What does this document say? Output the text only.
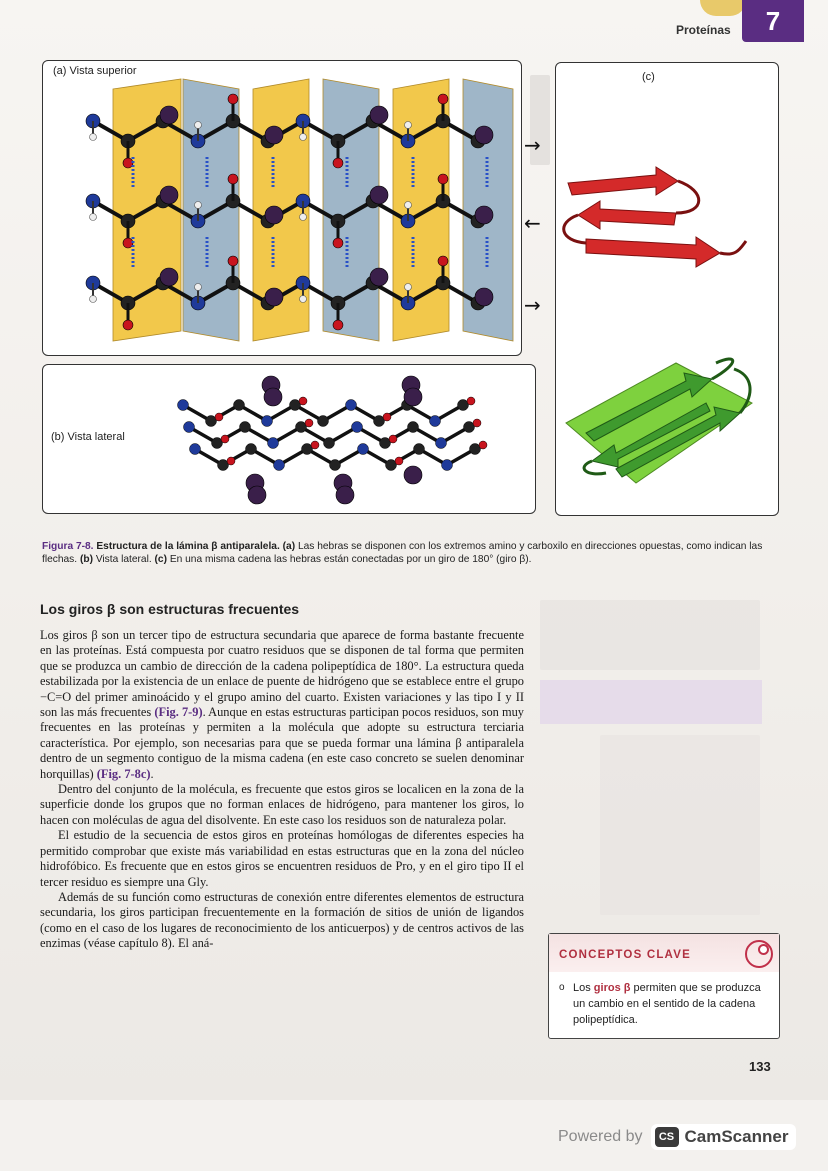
Proteínas	7
(a) Vista superior
→
←
→
(b) Vista lateral
(c)
Figura 7-8. Estructura de la lámina β antiparalela. (a) Las hebras se disponen con los extremos amino y carboxilo en direcciones opuestas, como indican las flechas. (b) Vista lateral. (c) En una misma cadena las hebras están conectadas por un giro de 180° (giro β).
Los giros β son estructuras frecuentes

Los giros β son un tercer tipo de estructura secundaria que aparece de forma bastante frecuente en las proteínas. Está compuesta por cuatro residuos que se disponen de tal forma que permiten que se produzca un cambio de dirección de la cadena polipeptídica de 180°. La estructura queda estabilizada por la existencia de un enlace de puente de hidrógeno que se establece entre el grupo −C=O del primer aminoácido y el grupo amino del cuarto. Existen variaciones y las tipo I y II son las más frecuentes (Fig. 7-9). Aunque en estas estructuras participan pocos residuos, son muy frecuentes en las proteínas y permiten a la molécula que adopte su estructura terciaria característica. Por ejemplo, son necesarias para que se pueda formar una lámina β antiparalela dentro de un segmento contiguo de la misma cadena (en este caso concreto se suelen denominar horquillas) (Fig. 7-8c).

Dentro del conjunto de la molécula, es frecuente que estos giros se localicen en la zona de la superficie donde los grupos que no forman enlaces de hidrógeno, para mantener los giros, lo hacen con moléculas de agua del disolvente. En este caso los residuos son de naturaleza polar.

El estudio de la secuencia de estos giros en proteínas homólogas de diferentes especies ha permitido comprobar que existe más variabilidad en estas estructuras que en la zona del núcleo hidrofóbico. Es frecuente que en estos giros se encuentren residuos de Pro, y en el giro tipo II el tercer residuo es siempre una Gly.

Además de su función como estructuras de conexión entre diferentes elementos de estructura secundaria, los giros participan frecuentemente en la formación de sitios de unión de ligandos (como en el caso de los lugares de reconocimiento de los anticuerpos) y de centros activos de las enzimas (véase capítulo 8). El aná-

CONCEPTOS CLAVE
o Los giros β permiten que se produzca un cambio en el sentido de la cadena polipeptídica.
133
Powered by	CS CamScanner
